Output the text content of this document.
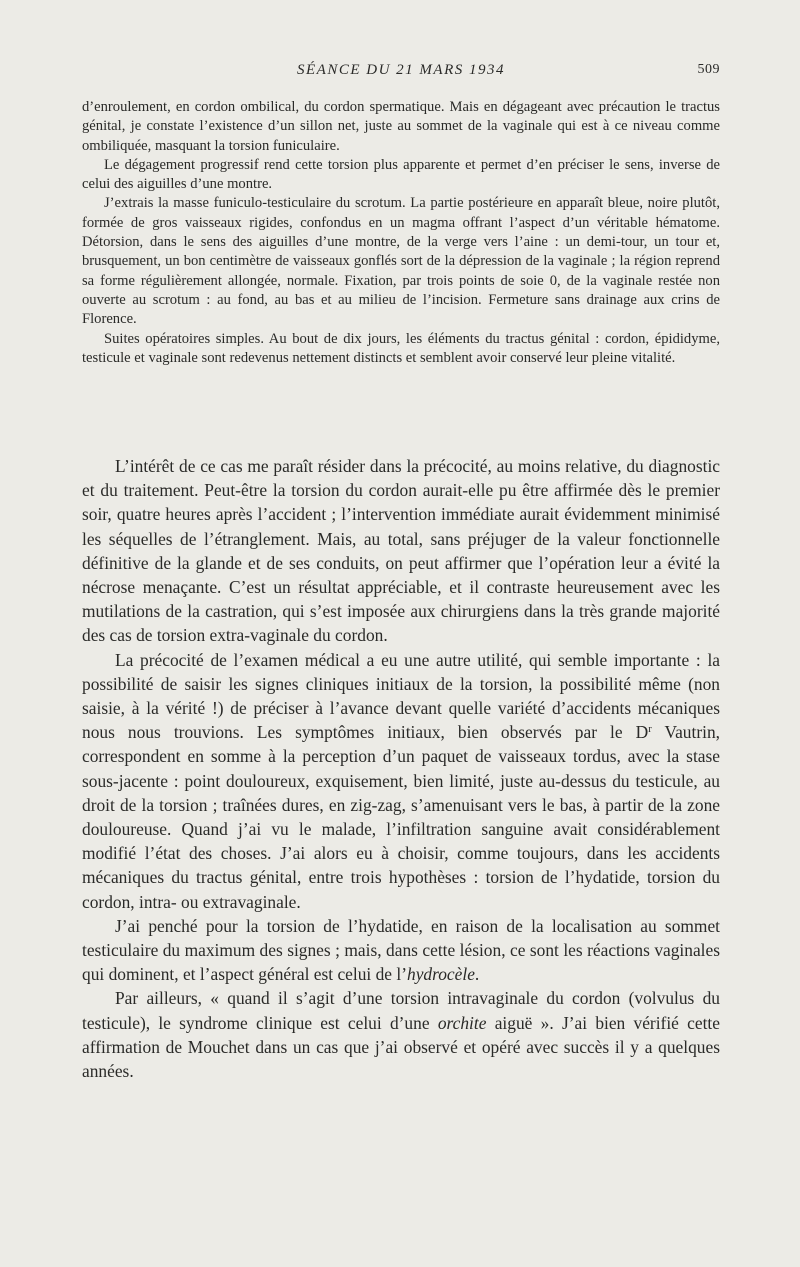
SÉANCE DU 21 MARS 1934	509

d’enroulement, en cordon ombilical, du cordon spermatique. Mais en dégageant avec précaution le tractus génital, je constate l’existence d’un sillon net, juste au sommet de la vaginale qui est à ce niveau comme ombiliquée, masquant la torsion funiculaire.

Le dégagement progressif rend cette torsion plus apparente et permet d’en préciser le sens, inverse de celui des aiguilles d’une montre.

J’extrais la masse funiculo-testiculaire du scrotum. La partie postérieure en apparaît bleue, noire plutôt, formée de gros vaisseaux rigides, confondus en un magma offrant l’aspect d’un véritable hématome. Détorsion, dans le sens des aiguilles d’une montre, de la verge vers l’aine : un demi-tour, un tour et, brusquement, un bon centimètre de vaisseaux gonflés sort de la dépression de la vaginale ; la région reprend sa forme régulièrement allongée, normale. Fixation, par trois points de soie 0, de la vaginale restée non ouverte au scrotum : au fond, au bas et au milieu de l’incision. Fermeture sans drainage aux crins de Florence.

Suites opératoires simples. Au bout de dix jours, les éléments du tractus génital : cordon, épididyme, testicule et vaginale sont redevenus nettement distincts et semblent avoir conservé leur pleine vitalité.

L’intérêt de ce cas me paraît résider dans la précocité, au moins relative, du diagnostic et du traitement. Peut-être la torsion du cordon aurait-elle pu être affirmée dès le premier soir, quatre heures après l’accident ; l’intervention immédiate aurait évidemment minimisé les séquelles de l’étranglement. Mais, au total, sans préjuger de la valeur fonctionnelle définitive de la glande et de ses conduits, on peut affirmer que l’opération leur a évité la nécrose menaçante. C’est un résultat appréciable, et il contraste heureusement avec les mutilations de la castration, qui s’est imposée aux chirurgiens dans la très grande majorité des cas de torsion extra-vaginale du cordon.

La précocité de l’examen médical a eu une autre utilité, qui semble importante : la possibilité de saisir les signes cliniques initiaux de la torsion, la possibilité même (non saisie, à la vérité !) de préciser à l’avance devant quelle variété d’accidents mécaniques nous nous trouvions. Les symptômes initiaux, bien observés par le $D^r$ Vautrin, correspondent en somme à la perception d’un paquet de vaisseaux tordus, avec la stase sous-jacente : point douloureux, exquisement, bien limité, juste au-dessus du testicule, au droit de la torsion ; traînées dures, en zig-zag, s’amenuisant vers le bas, à partir de la zone douloureuse. Quand j’ai vu le malade, l’infiltration sanguine avait considérablement modifié l’état des choses. J’ai alors eu à choisir, comme toujours, dans les accidents mécaniques du tractus génital, entre trois hypothèses : torsion de l’hydatide, torsion du cordon, intra- ou extravaginale.

J’ai penché pour la torsion de l’hydatide, en raison de la localisation au sommet testiculaire du maximum des signes ; mais, dans cette lésion, ce sont les réactions vaginales qui dominent, et l’aspect général est celui de l’hydrocèle.

Par ailleurs, « quand il s’agit d’une torsion intravaginale du cordon (volvulus du testicule), le syndrome clinique est celui d’une orchite aiguë ». J’ai bien vérifié cette affirmation de Mouchet dans un cas que j’ai observé et opéré avec succès il y a quelques années.
